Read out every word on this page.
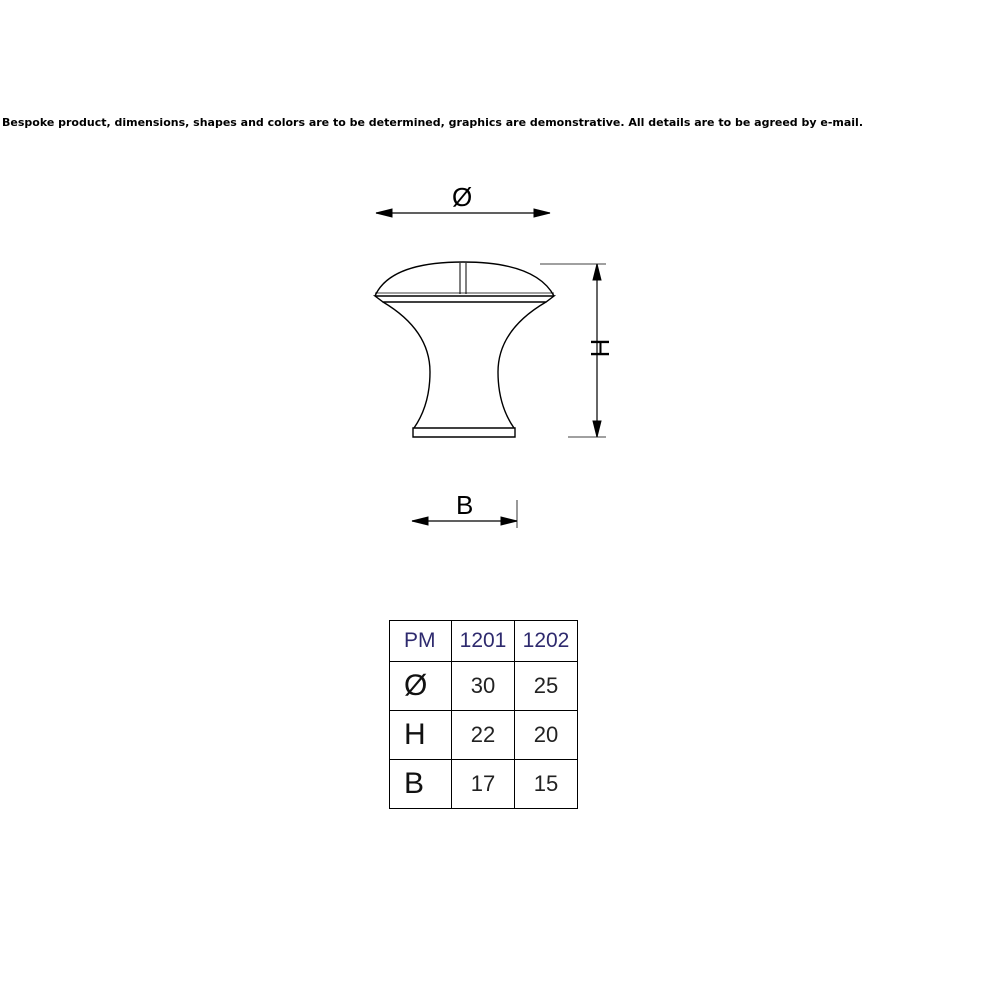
Bespoke product, dimensions, shapes and colors are to be determined, graphics are demonstrative. All details are to be agreed by e-mail.
Ø
H
B
PM	1201	1202
Ø	30	25
H	22	20
B	17	15
